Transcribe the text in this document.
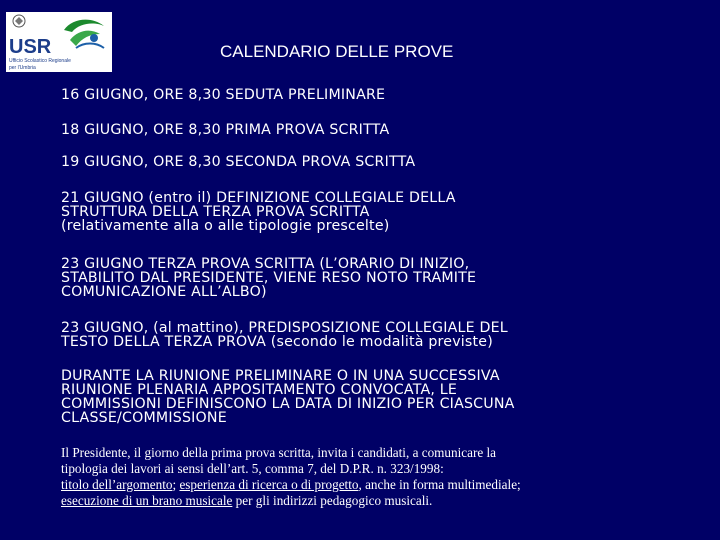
USR
Ufficio Scolastico Regionale
per l'Umbria
CALENDARIO DELLE PROVE
16 GIUGNO, ORE 8,30 SEDUTA PRELIMINARE
18 GIUGNO, ORE 8,30 PRIMA PROVA SCRITTA
19 GIUGNO, ORE 8,30 SECONDA PROVA SCRITTA
21 GIUGNO (entro il) DEFINIZIONE COLLEGIALE DELLA
STRUTTURA DELLA TERZA PROVA SCRITTA
(relativamente alla o alle tipologie prescelte)
23 GIUGNO TERZA PROVA SCRITTA (L’ORARIO DI INIZIO,
STABILITO DAL PRESIDENTE, VIENE RESO NOTO TRAMITE
COMUNICAZIONE ALL’ALBO)
23 GIUGNO, (al mattino), PREDISPOSIZIONE COLLEGIALE DEL
TESTO DELLA TERZA PROVA (secondo le modalità previste)
DURANTE LA RIUNIONE PRELIMINARE O IN UNA SUCCESSIVA
RIUNIONE PLENARIA APPOSITAMENTO CONVOCATA, LE
COMMISSIONI DEFINISCONO LA DATA DI INIZIO PER CIASCUNA
CLASSE/COMMISSIONE
Il Presidente, il giorno della prima prova scritta, invita i candidati, a comunicare la
tipologia dei lavori ai sensi dell’art. 5, comma 7, del D.P.R. n. 323/1998:
titolo dell’argomento; esperienza di ricerca o di progetto, anche in forma multimediale;
esecuzione di un brano musicale per gli indirizzi pedagogico musicali.
